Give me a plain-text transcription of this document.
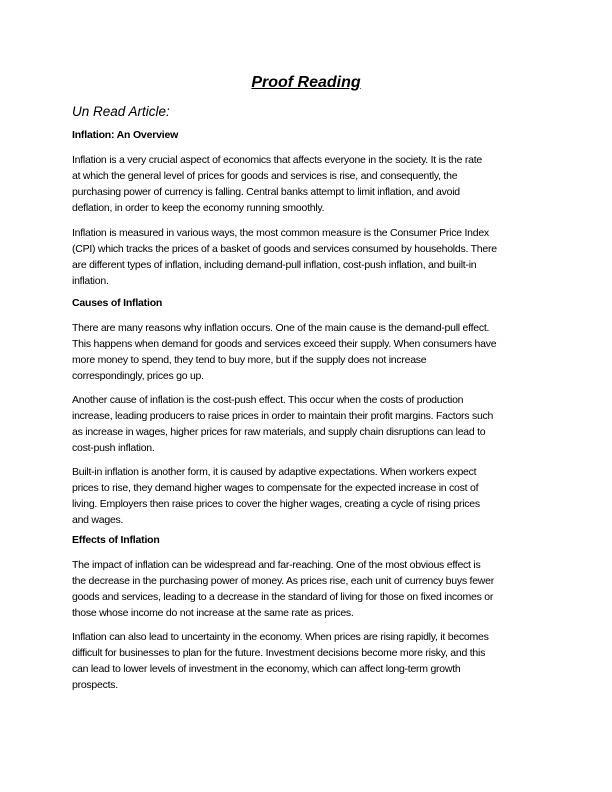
Proof Reading
Un Read Article:
Inflation: An Overview
Inflation is a very crucial aspect of economics that affects everyone in the society. It is the rate
at which the general level of prices for goods and services is rise, and consequently, the
purchasing power of currency is falling. Central banks attempt to limit inflation, and avoid
deflation, in order to keep the economy running smoothly.
Inflation is measured in various ways, the most common measure is the Consumer Price Index
(CPI) which tracks the prices of a basket of goods and services consumed by households. There
are different types of inflation, including demand-pull inflation, cost-push inflation, and built-in
inflation.
Causes of Inflation
There are many reasons why inflation occurs. One of the main cause is the demand-pull effect.
This happens when demand for goods and services exceed their supply. When consumers have
more money to spend, they tend to buy more, but if the supply does not increase
correspondingly, prices go up.
Another cause of inflation is the cost-push effect. This occur when the costs of production
increase, leading producers to raise prices in order to maintain their profit margins. Factors such
as increase in wages, higher prices for raw materials, and supply chain disruptions can lead to
cost-push inflation.
Built-in inflation is another form, it is caused by adaptive expectations. When workers expect
prices to rise, they demand higher wages to compensate for the expected increase in cost of
living. Employers then raise prices to cover the higher wages, creating a cycle of rising prices
and wages.
Effects of Inflation
The impact of inflation can be widespread and far-reaching. One of the most obvious effect is
the decrease in the purchasing power of money. As prices rise, each unit of currency buys fewer
goods and services, leading to a decrease in the standard of living for those on fixed incomes or
those whose income do not increase at the same rate as prices.
Inflation can also lead to uncertainty in the economy. When prices are rising rapidly, it becomes
difficult for businesses to plan for the future. Investment decisions become more risky, and this
can lead to lower levels of investment in the economy, which can affect long-term growth
prospects.
